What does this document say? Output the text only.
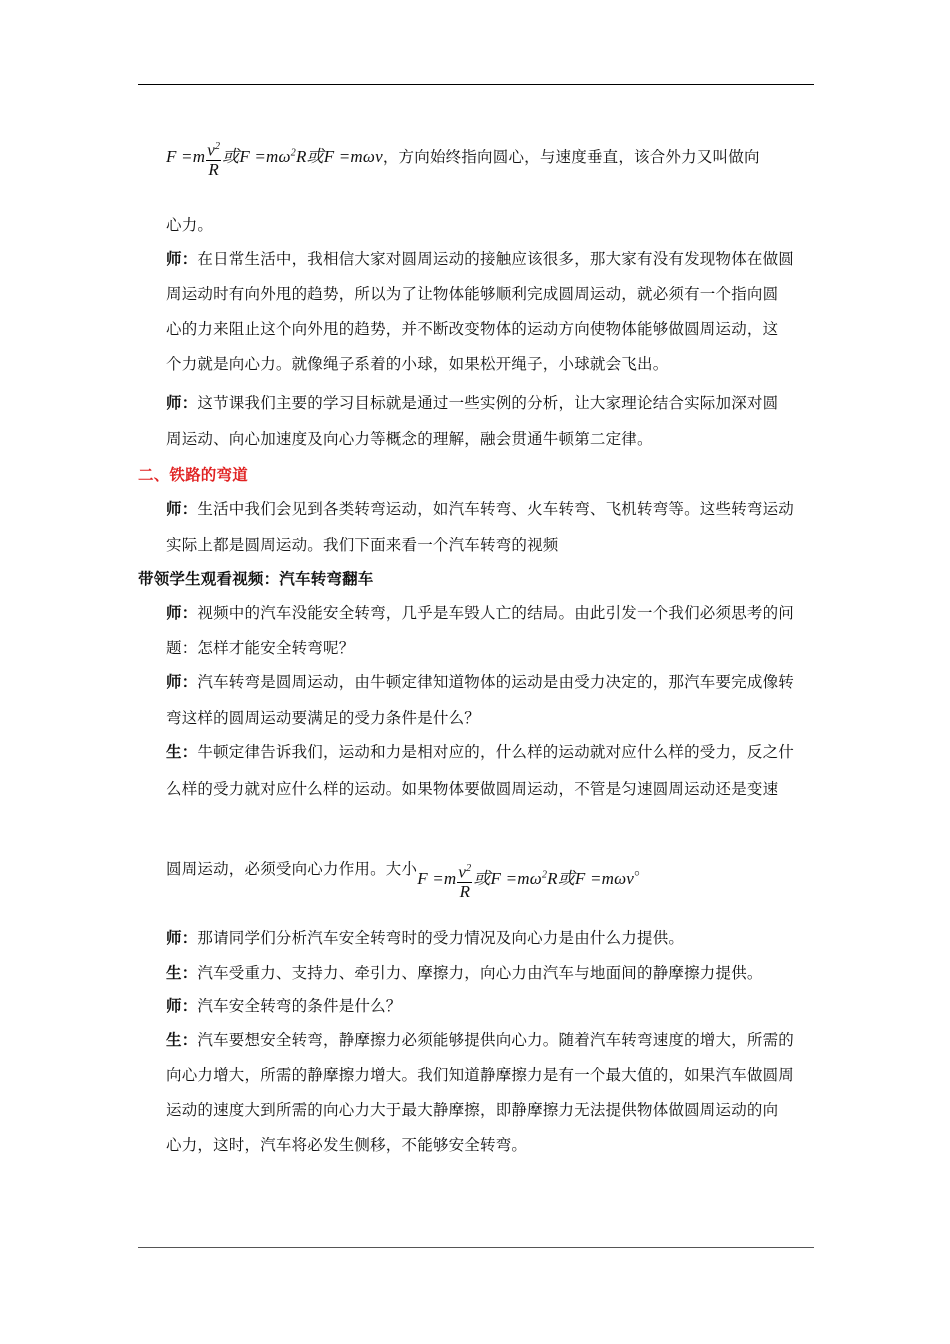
$F =m \frac{v^2}{R}$ 或$F =m\omega^2R$或F =mωv，方向始终指向圆心，与速度垂直，该合外力又叫做向
心力。
师：在日常生活中，我相信大家对圆周运动的接触应该很多，那大家有没有发现物体在做圆
周运动时有向外甩的趋势，所以为了让物体能够顺利完成圆周运动，就必须有一个指向圆
心的力来阻止这个向外甩的趋势，并不断改变物体的运动方向使物体能够做圆周运动，这
个力就是向心力。就像绳子系着的小球，如果松开绳子，小球就会飞出。
师：这节课我们主要的学习目标就是通过一些实例的分析，让大家理论结合实际加深对圆
周运动、向心加速度及向心力等概念的理解，融会贯通牛顿第二定律。
二、铁路的弯道
师：生活中我们会见到各类转弯运动，如汽车转弯、火车转弯、飞机转弯等。这些转弯运动
实际上都是圆周运动。我们下面来看一个汽车转弯的视频
带领学生观看视频：汽车转弯翻车
师：视频中的汽车没能安全转弯，几乎是车毁人亡的结局。由此引发一个我们必须思考的问
题：怎样才能安全转弯呢？
师：汽车转弯是圆周运动，由牛顿定律知道物体的运动是由受力决定的，那汽车要完成像转
弯这样的圆周运动要满足的受力条件是什么？
生：牛顿定律告诉我们，运动和力是相对应的，什么样的运动就对应什么样的受力，反之什
么样的受力就对应什么样的运动。如果物体要做圆周运动，不管是匀速圆周运动还是变速
圆周运动，必须受向心力作用。大小$F =m \frac{v^2}{R}$ 或$F =m\omega^2R$或F =mωv。
师：那请同学们分析汽车安全转弯时的受力情况及向心力是由什么力提供。
生：汽车受重力、支持力、牵引力、摩擦力，向心力由汽车与地面间的静摩擦力提供。
师：汽车安全转弯的条件是什么？
生：汽车要想安全转弯，静摩擦力必须能够提供向心力。随着汽车转弯速度的增大，所需的
向心力增大，所需的静摩擦力增大。我们知道静摩擦力是有一个最大值的，如果汽车做圆周
运动的速度大到所需的向心力大于最大静摩擦，即静摩擦力无法提供物体做圆周运动的向
心力，这时，汽车将必发生侧移，不能够安全转弯。
